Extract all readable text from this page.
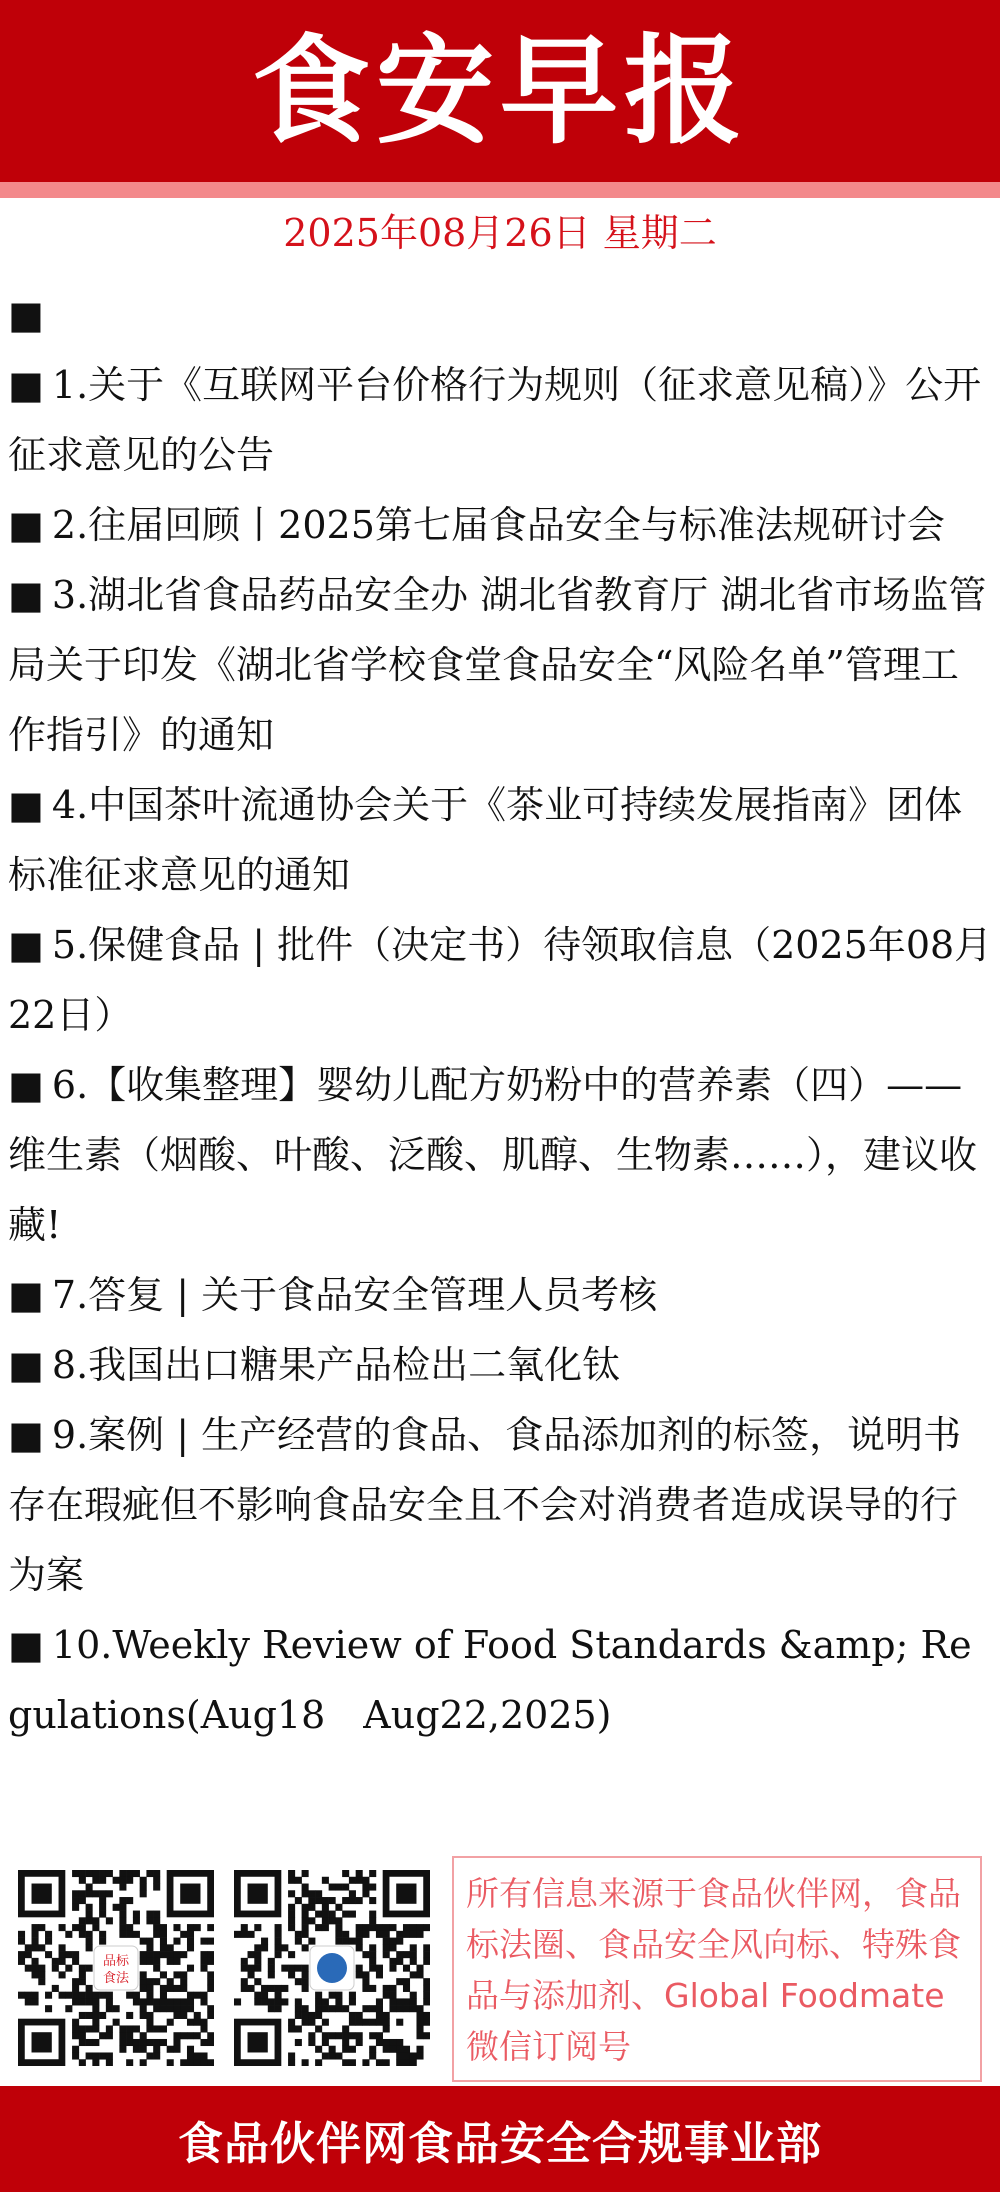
食安早报
2025年08月26日 星期二
■
■ 1.关于《互联网平台价格行为规则（征求意见稿）》公开征求意见的公告
■ 2.往届回顾丨2025第七届食品安全与标准法规研讨会
■ 3.湖北省食品药品安全办 湖北省教育厅 湖北省市场监管局关于印发《湖北省学校食堂食品安全“风险名单”管理工作指引》的通知
■ 4.中国茶叶流通协会关于《茶业可持续发展指南》团体标准征求意见的通知
■ 5.保健食品 | 批件（决定书）待领取信息（2025年08月22日）
■ 6.【收集整理】婴幼儿配方奶粉中的营养素（四）——维生素（烟酸、叶酸、泛酸、肌醇、生物素……），建议收藏!
■ 7.答复 | 关于食品安全管理人员考核
■ 8.我国出口糖果产品检出二氧化钛
■ 9.案例 | 生产经营的食品、食品添加剂的标签，说明书存在瑕疵但不影响食品安全且不会对消费者造成误导的行为案
■ 10.Weekly Review of Food Standards &amp; Regulations(Aug18　Aug22,2025)
品标
食法
所有信息来源于食品伙伴网，食品标法圈、食品安全风向标、特殊食品与添加剂、Global Foodmate微信订阅号
食品伙伴网食品安全合规事业部
